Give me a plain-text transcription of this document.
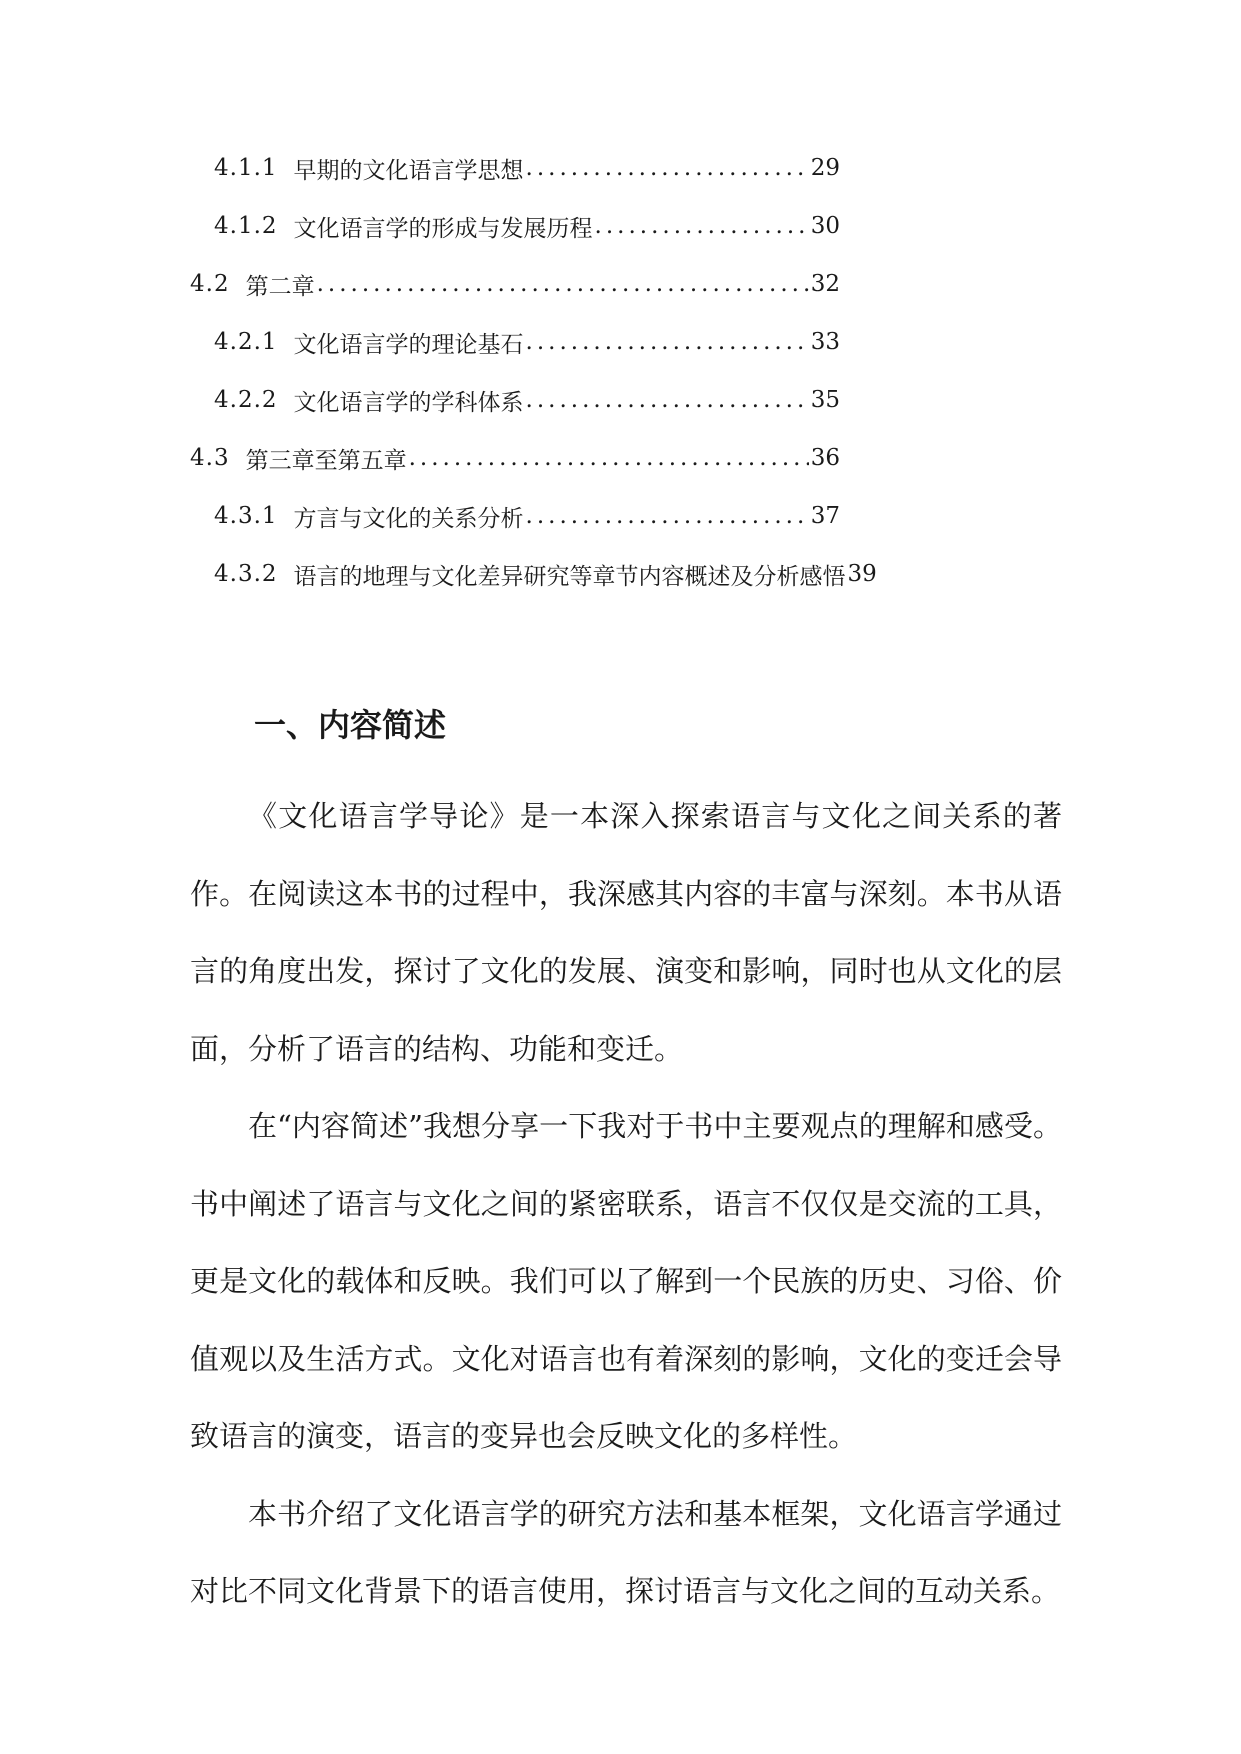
4.1.1 早期的文化语言学思想 .....	29
4.1.2 文化语言学的形成与发展历程 .....	30
4.2 第二章 .....	32
4.2.1 文化语言学的理论基石 .....	33
4.2.2 文化语言学的学科体系 .....	35
4.3 第三章至第五章 .....	36
4.3.1 方言与文化的关系分析 .....	37
4.3.2 语言的地理与文化差异研究等章节内容概述及分析感悟 39
一、内容简述

《文化语言学导论》是一本深入探索语言与文化之间关系的著作。在阅读这本书的过程中，我深感其内容的丰富与深刻。本书从语言的角度出发，探讨了文化的发展、演变和影响，同时也从文化的层面，分析了语言的结构、功能和变迁。

在“内容简述”我想分享一下我对于书中主要观点的理解和感受。书中阐述了语言与文化之间的紧密联系，语言不仅仅是交流的工具，更是文化的载体和反映。我们可以了解到一个民族的历史、习俗、价值观以及生活方式。文化对语言也有着深刻的影响，文化的变迁会导致语言的演变，语言的变异也会反映文化的多样性。

本书介绍了文化语言学的研究方法和基本框架，文化语言学通过对比不同文化背景下的语言使用，探讨语言与文化之间的互动关系。
